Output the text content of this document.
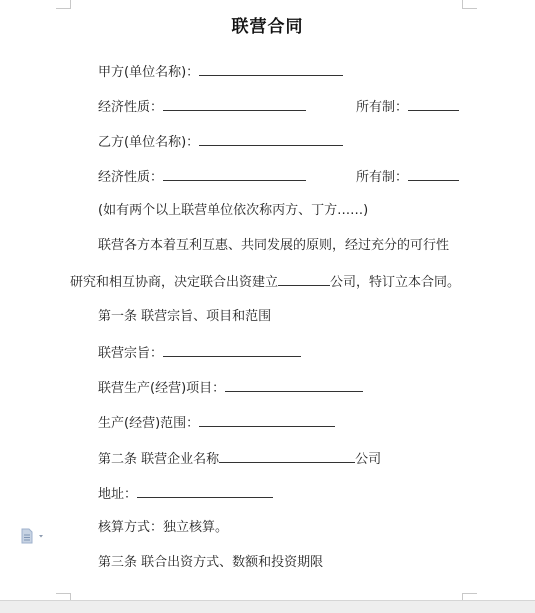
联营合同
甲方(单位名称)：
经济性质：	所有制：
乙方(单位名称)：
经济性质：	所有制：
(如有两个以上联营单位依次称丙方、丁方……)
联营各方本着互利互惠、共同发展的原则，经过充分的可行性
研究和相互协商，决定联合出资建立	公司，特订立本合同。
第一条 联营宗旨、项目和范围
联营宗旨：
联营生产(经营)项目：
生产(经营)范围：
第二条 联营企业名称	公司
地址：
核算方式：独立核算。
第三条 联合出资方式、数额和投资期限
